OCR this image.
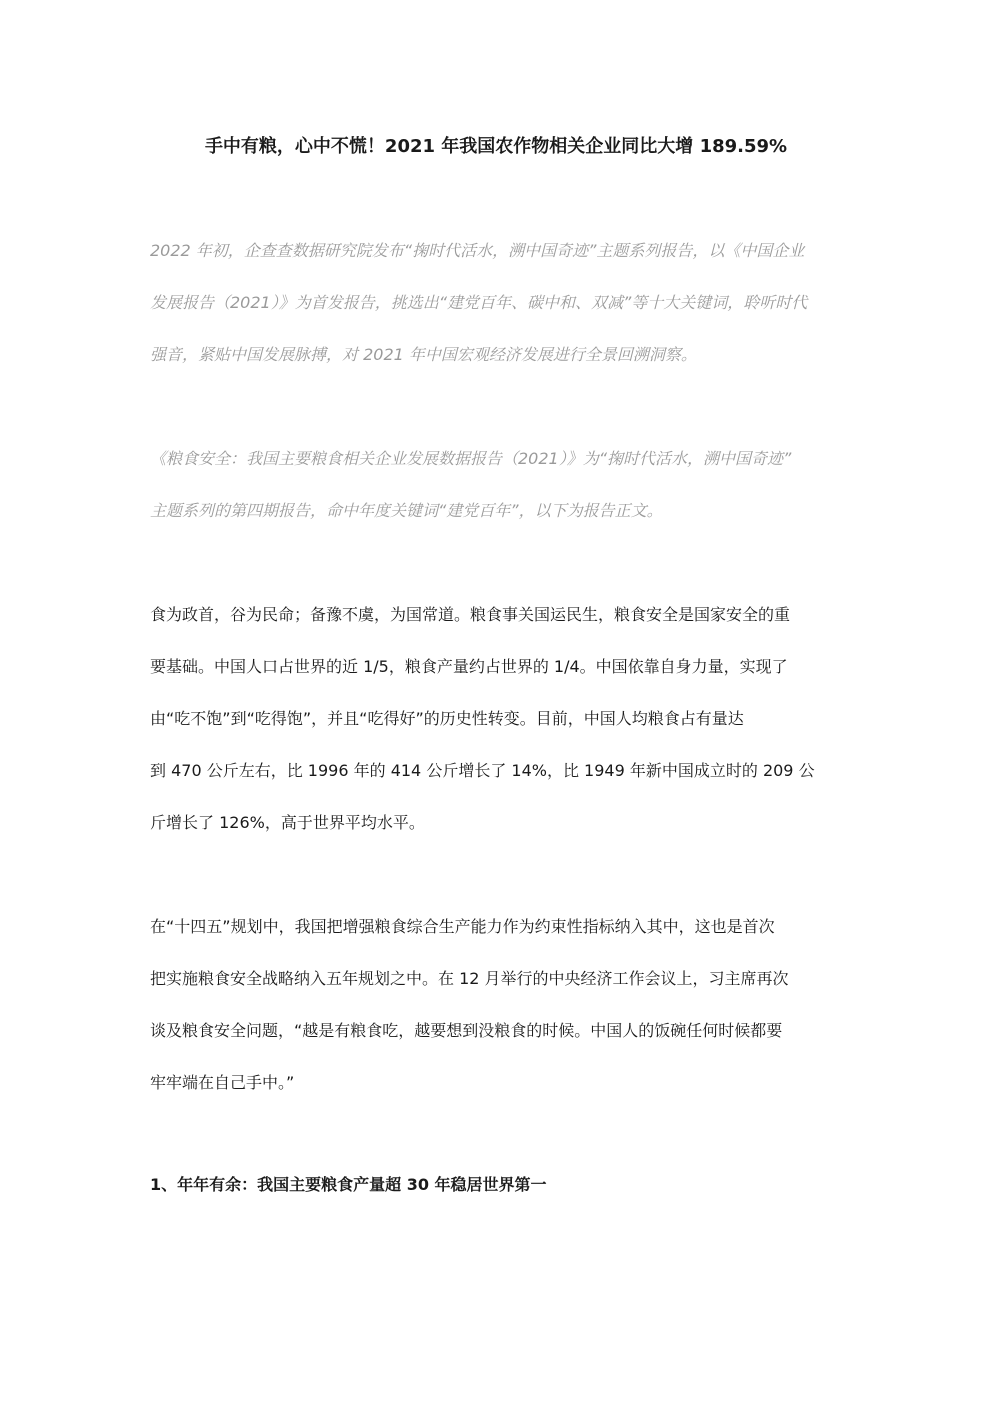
手中有粮，心中不慌！2021 年我国农作物相关企业同比大增 189.59%

2022 年初，企查查数据研究院发布“掬时代活水，溯中国奇迹”主题系列报告，以《中国企业
发展报告（2021）》为首发报告，挑选出“建党百年、碳中和、双减”等十大关键词，聆听时代
强音，紧贴中国发展脉搏，对 2021 年中国宏观经济发展进行全景回溯洞察。

《粮食安全：我国主要粮食相关企业发展数据报告（2021）》为“掬时代活水，溯中国奇迹”
主题系列的第四期报告，命中年度关键词“建党百年”，以下为报告正文。

食为政首，谷为民命；备豫不虞，为国常道。粮食事关国运民生，粮食安全是国家安全的重
要基础。中国人口占世界的近 1/5，粮食产量约占世界的 1/4。中国依靠自身力量，实现了
由“吃不饱”到“吃得饱”，并且“吃得好”的历史性转变。目前，中国人均粮食占有量达
到 470 公斤左右，比 1996 年的 414 公斤增长了 14%，比 1949 年新中国成立时的 209 公
斤增长了 126%，高于世界平均水平。

在“十四五”规划中，我国把增强粮食综合生产能力作为约束性指标纳入其中，这也是首次
把实施粮食安全战略纳入五年规划之中。在 12 月举行的中央经济工作会议上，习主席再次
谈及粮食安全问题，“越是有粮食吃，越要想到没粮食的时候。中国人的饭碗任何时候都要
牢牢端在自己手中。”

1、年年有余：我国主要粮食产量超 30 年稳居世界第一
